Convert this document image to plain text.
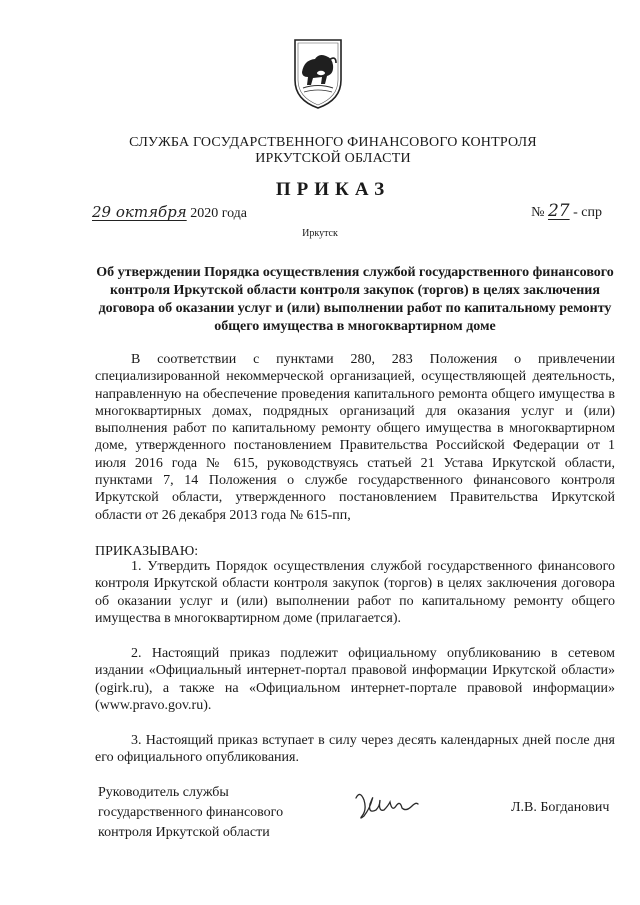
СЛУЖБА ГОСУДАРСТВЕННОГО ФИНАНСОВОГО КОНТРОЛЯ
ИРКУТСКОЙ ОБЛАСТИ
ПРИКАЗ
29 октября 2020 года	№ 27 - спр
Иркутск
Об утверждении Порядка осуществления службой государственного финансового контроля Иркутской области контроля закупок (торгов) в целях заключения договора об оказании услуг и (или) выполнении работ по капитальному ремонту общего имущества в многоквартирном доме
В соответствии с пунктами 280, 283 Положения о привлечении специализированной некоммерческой организацией, осуществляющей деятельность, направленную на обеспечение проведения капитального ремонта общего имущества в многоквартирных домах, подрядных организаций для оказания услуг и (или) выполнения работ по капитальному ремонту общего имущества в многоквартирном доме, утвержденного постановлением Правительства Российской Федерации от 1 июля 2016 года № 615, руководствуясь статьей 21 Устава Иркутской области, пунктами 7, 14 Положения о службе государственного финансового контроля Иркутской области, утвержденного постановлением Правительства Иркутской области от 26 декабря 2013 года № 615-пп,
ПРИКАЗЫВАЮ:
1. Утвердить Порядок осуществления службой государственного финансового контроля Иркутской области контроля закупок (торгов) в целях заключения договора об оказании услуг и (или) выполнении работ по капитальному ремонту общего имущества в многоквартирном доме (прилагается).
2. Настоящий приказ подлежит официальному опубликованию в сетевом издании «Официальный интернет-портал правовой информации Иркутской области» (ogirk.ru), а также на «Официальном интернет-портале правовой информации» (www.pravo.gov.ru).
3. Настоящий приказ вступает в силу через десять календарных дней после дня его официального опубликования.
Руководитель службы
государственного финансового
контроля Иркутской области
Л.В. Богданович
